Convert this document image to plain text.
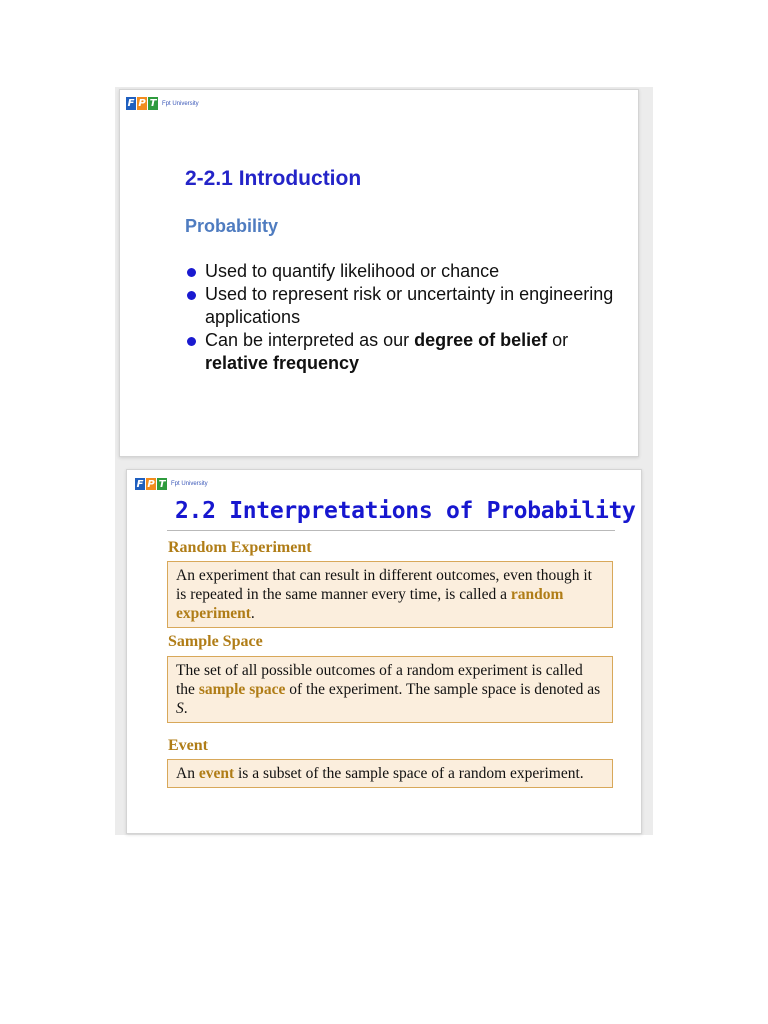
F P T Fpt University
2-2.1 Introduction
Probability
Used to quantify likelihood or chance
Used to represent risk or uncertainty in engineering applications
Can be interpreted as our degree of belief or relative frequency
F P T Fpt University
2.2 Interpretations of Probability
Random Experiment
An experiment that can result in different outcomes, even though it is repeated in the same manner every time, is called a random experiment.
Sample Space
The set of all possible outcomes of a random experiment is called the sample space of the experiment. The sample space is denoted as S.
Event
An event is a subset of the sample space of a random experiment.
